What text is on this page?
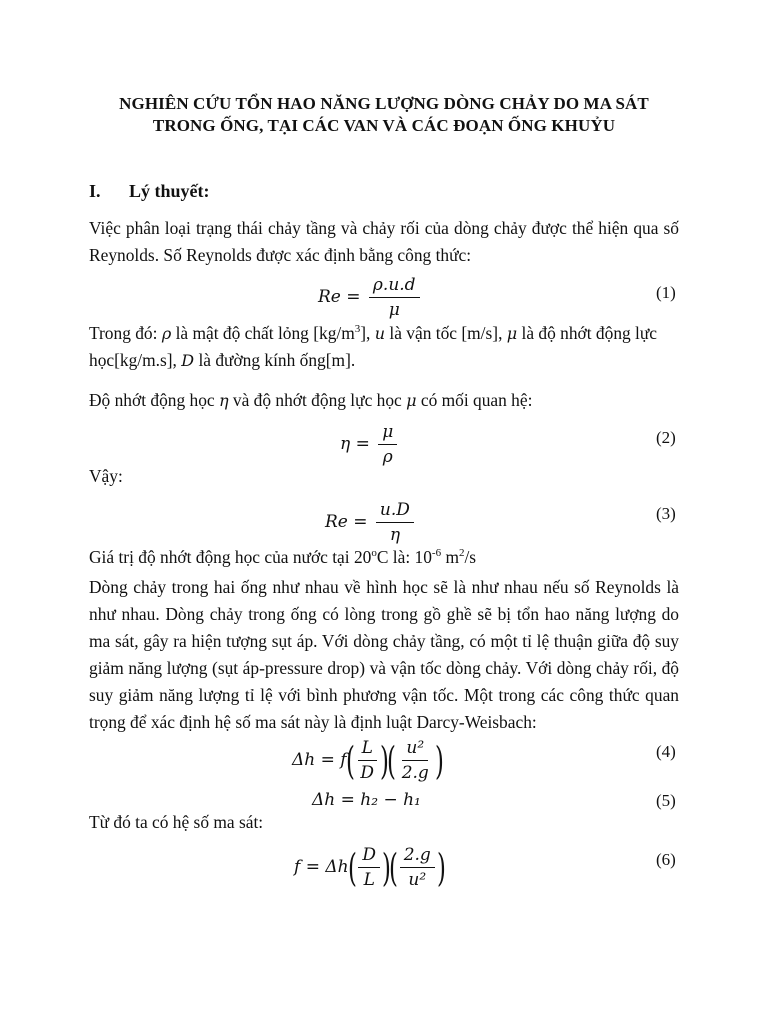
NGHIÊN CỨU TỔN HAO NĂNG LƯỢNG DÒNG CHẢY DO MA SÁT
TRONG ỐNG, TẠI CÁC VAN VÀ CÁC ĐOẠN ỐNG KHUỶU
I. Lý thuyết:
Việc phân loại trạng thái chảy tầng và chảy rối của dòng chảy được thể hiện qua số Reynolds. Số Reynolds được xác định bằng công thức:
$Re = \frac{\rho.u.d}{\mu}$	(1)
Trong đó: ρ là mật độ chất lỏng $[kg/m^3]$, u là vận tốc [m/s], μ là độ nhớt động lực
học[kg/m.s], D là đường kính ống[m].
Độ nhớt động học η và độ nhớt động lực học μ có mối quan hệ:
$\eta = \frac{\mu}{\rho}$	(2)
Vậy:
$Re = \frac{u.D}{\eta}$	(3)
Giá trị độ nhớt động học của nước tại 20$^o$C là: $10^{-6}$ $m^2/s$
Dòng chảy trong hai ống như nhau về hình học sẽ là như nhau nếu số Reynolds là như nhau. Dòng chảy trong ống có lòng trong gồ ghề sẽ bị tổn hao năng lượng do ma sát, gây ra hiện tượng sụt áp. Với dòng chảy tầng, có một tỉ lệ thuận giữa độ suy giảm năng lượng (sụt áp-pressure drop) và vận tốc dòng chảy. Với dòng chảy rối, độ suy giảm năng lượng tỉ lệ với bình phương vận tốc. Một trong các công thức quan trọng để xác định hệ số ma sát này là định luật Darcy-Weisbach:
$\Delta h = f( \frac{L}{D}$ )( $\frac{\text{u²}}{2.g}$ )	(4)
Δh = h₂ − h₁	(5)
Từ đó ta có hệ số ma sát:
$f = \Delta h( \frac{D}{L}$ )( $\frac{2.g}{\text{u²}}$ )	(6)
